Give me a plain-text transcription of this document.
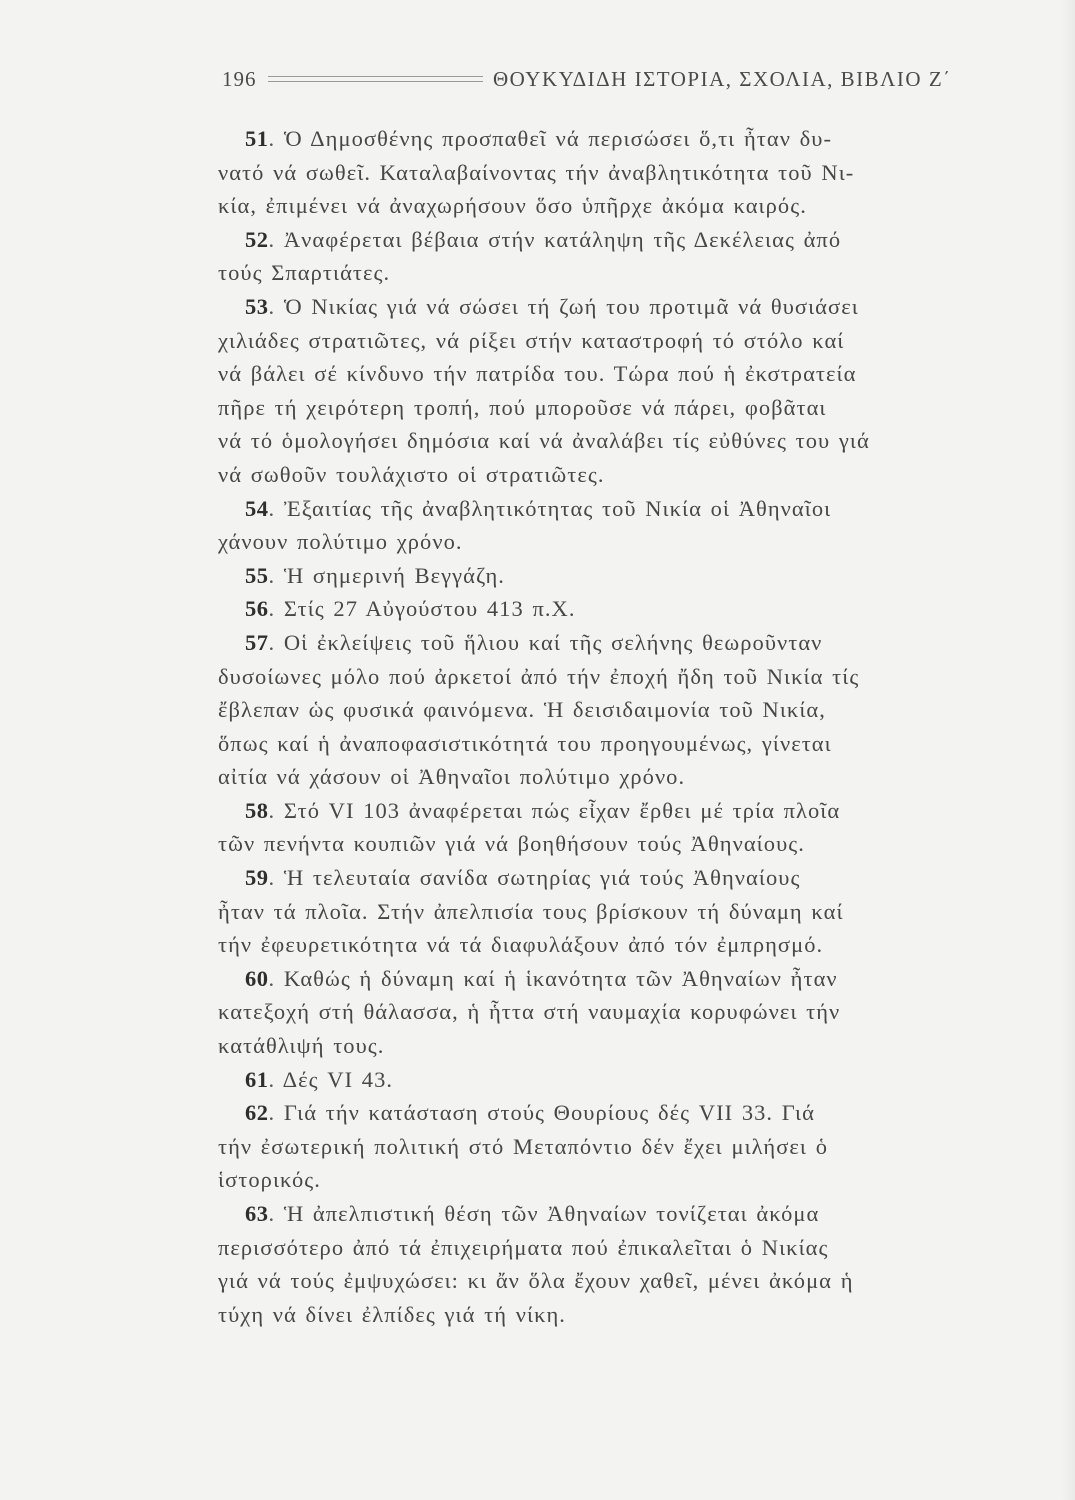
196	ΘΟΥΚΥΔΙΔΗ ΙΣΤΟΡΙΑ, ΣΧΟΛΙΑ, ΒΙΒΛΙΟ Ζ΄

51. Ὁ Δημοσθένης προσπαθεῖ νά περισώσει ὅ,τι ἦταν δυ-
νατό νά σωθεῖ. Καταλαβαίνοντας τήν ἀναβλητικότητα τοῦ Νι-
κία, ἐπιμένει νά ἀναχωρήσουν ὅσο ὑπῆρχε ἀκόμα καιρός.

52. Ἀναφέρεται βέβαια στήν κατάληψη τῆς Δεκέλειας ἀπό
τούς Σπαρτιάτες.

53. Ὁ Νικίας γιά νά σώσει τή ζωή του προτιμᾶ νά θυσιάσει
χιλιάδες στρατιῶτες, νά ρίξει στήν καταστροφή τό στόλο καί
νά βάλει σέ κίνδυνο τήν πατρίδα του. Τώρα πού ἡ ἐκστρατεία
πῆρε τή χειρότερη τροπή, πού μποροῦσε νά πάρει, φοβᾶται
νά τό ὁμολογήσει δημόσια καί νά ἀναλάβει τίς εὐθύνες του γιά
νά σωθοῦν τουλάχιστο οἱ στρατιῶτες.

54. Ἐξαιτίας τῆς ἀναβλητικότητας τοῦ Νικία οἱ Ἀθηναῖοι
χάνουν πολύτιμο χρόνο.

55. Ἡ σημερινή Βεγγάζη.

56. Στίς 27 Αὐγούστου 413 π.Χ.

57. Οἱ ἐκλείψεις τοῦ ἥλιου καί τῆς σελήνης θεωροῦνταν
δυσοίωνες μόλο πού ἀρκετοί ἀπό τήν ἐποχή ἤδη τοῦ Νικία τίς
ἔβλεπαν ὡς φυσικά φαινόμενα. Ἡ δεισιδαιμονία τοῦ Νικία,
ὅπως καί ἡ ἀναποφασιστικότητά του προηγουμένως, γίνεται
αἰτία νά χάσουν οἱ Ἀθηναῖοι πολύτιμο χρόνο.

58. Στό VI 103 ἀναφέρεται πώς εἶχαν ἔρθει μέ τρία πλοῖα
τῶν πενήντα κουπιῶν γιά νά βοηθήσουν τούς Ἀθηναίους.

59. Ἡ τελευταία σανίδα σωτηρίας γιά τούς Ἀθηναίους
ἦταν τά πλοῖα. Στήν ἀπελπισία τους βρίσκουν τή δύναμη καί
τήν ἐφευρετικότητα νά τά διαφυλάξουν ἀπό τόν ἐμπρησμό.

60. Καθώς ἡ δύναμη καί ἡ ἱκανότητα τῶν Ἀθηναίων ἦταν
κατεξοχή στή θάλασσα, ἡ ἧττα στή ναυμαχία κορυφώνει τήν
κατάθλιψή τους.

61. Δές VI 43.

62. Γιά τήν κατάσταση στούς Θουρίους δές VII 33. Γιά
τήν ἐσωτερική πολιτική στό Μεταπόντιο δέν ἔχει μιλήσει ὁ
ἱστορικός.

63. Ἡ ἀπελπιστική θέση τῶν Ἀθηναίων τονίζεται ἀκόμα
περισσότερο ἀπό τά ἐπιχειρήματα πού ἐπικαλεῖται ὁ Νικίας
γιά νά τούς ἐμψυχώσει: κι ἄν ὅλα ἔχουν χαθεῖ, μένει ἀκόμα ἡ
τύχη νά δίνει ἐλπίδες γιά τή νίκη.
